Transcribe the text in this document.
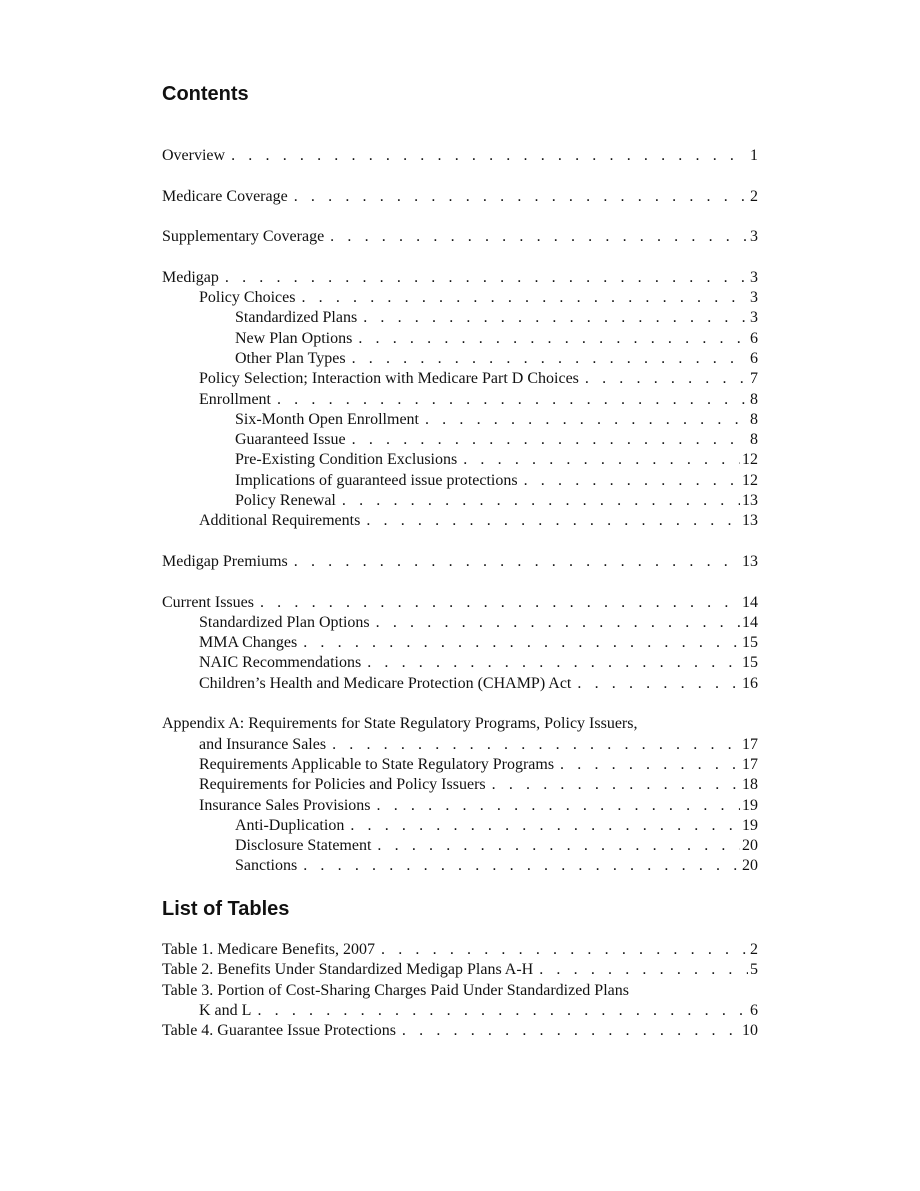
Contents
Overview . . .	1
Medicare Coverage . . .	2
Supplementary Coverage . . .	3
Medigap . . .	3
Policy Choices . . .	3
Standardized Plans . . .	3
New Plan Options . . .	6
Other Plan Types . . .	6
Policy Selection; Interaction with Medicare Part D Choices . . .	7
Enrollment . . .	8
Six-Month Open Enrollment . . .	8
Guaranteed Issue . . .	8
Pre-Existing Condition Exclusions . . .	12
Implications of guaranteed issue protections . . .	12
Policy Renewal . . .	13
Additional Requirements . . .	13
Medigap Premiums . . .	13
Current Issues . . .	14
Standardized Plan Options . . .	14
MMA Changes . . .	15
NAIC Recommendations . . .	15
Children’s Health and Medicare Protection (CHAMP) Act . . .	16
Appendix A: Requirements for State Regulatory Programs, Policy Issuers,
and Insurance Sales . . .	17
Requirements Applicable to State Regulatory Programs . . .	17
Requirements for Policies and Policy Issuers . . .	18
Insurance Sales Provisions . . .	19
Anti-Duplication . . .	19
Disclosure Statement . . .	20
Sanctions . . .	20
List of Tables
Table 1. Medicare Benefits, 2007 . . .	2
Table 2. Benefits Under Standardized Medigap Plans A-H . . .	5
Table 3. Portion of Cost-Sharing Charges Paid Under Standardized Plans
K and L . . .	6
Table 4. Guarantee Issue Protections . . .	10
